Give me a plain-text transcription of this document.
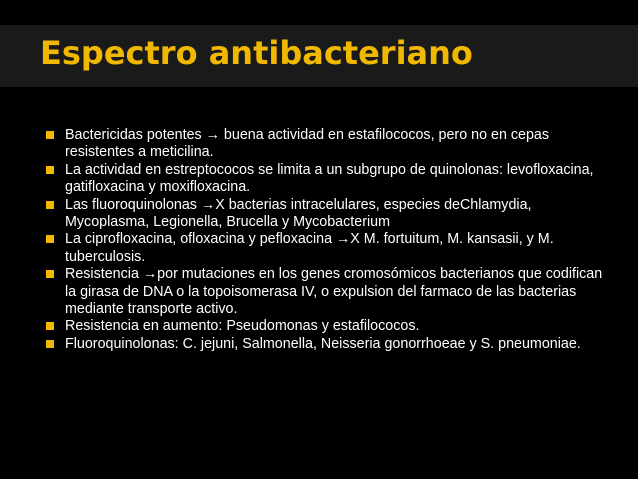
Espectro antibacteriano
Bactericidas potentes → buena actividad en estafilococos, pero no en cepas resistentes a meticilina.
La actividad en estreptococos se limita a un subgrupo de quinolonas: levofloxacina, gatifloxacina y moxifloxacina.
Las fluoroquinolonas →X bacterias intracelulares, especies deChlamydia, Mycoplasma, Legionella, Brucella y Mycobacterium
La ciprofloxacina, ofloxacina y pefloxacina →X M. fortuitum, M. kansasii, y M. tuberculosis.
Resistencia →por mutaciones en los genes cromosómicos bacterianos que codifican la girasa de DNA o la topoisomerasa IV, o expulsion del farmaco de las bacterias mediante transporte activo.
Resistencia en aumento: Pseudomonas y estafilococos.
Fluoroquinolonas: C. jejuni, Salmonella, Neisseria gonorrhoeae y S. pneumoniae.
